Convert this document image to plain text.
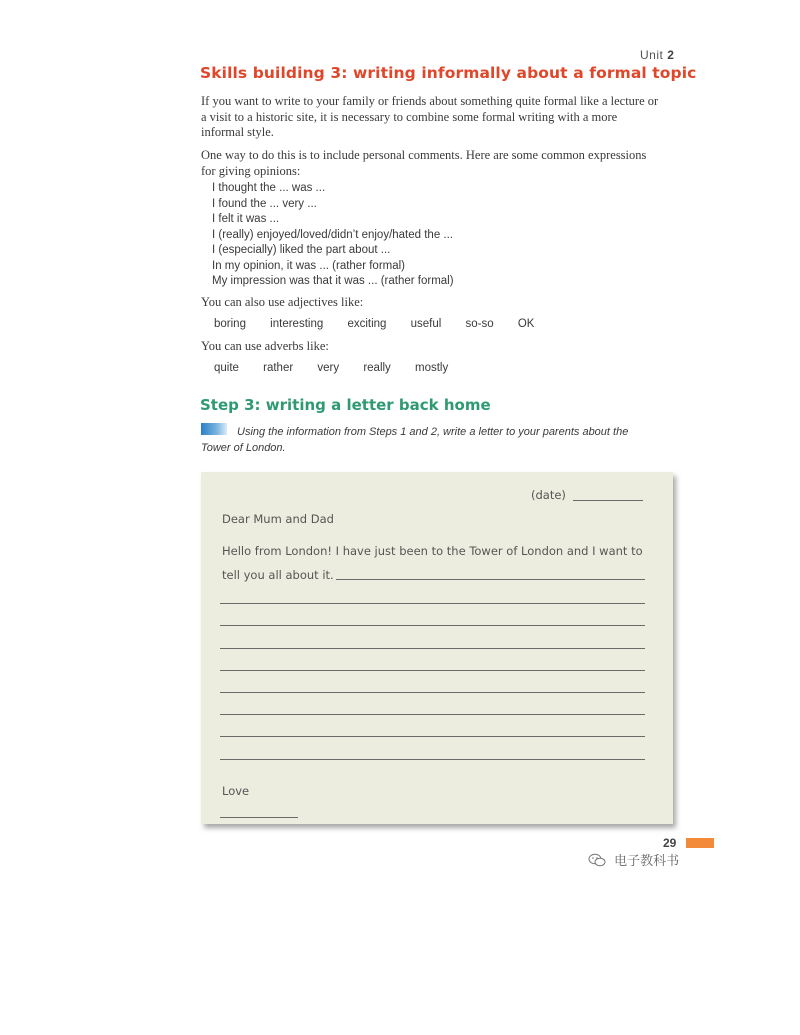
Unit 2
Skills building 3: writing informally about a formal topic
If you want to write to your family or friends about something quite formal like a lecture or a visit to a historic site, it is necessary to combine some formal writing with a more informal style.
One way to do this is to include personal comments. Here are some common expressions for giving opinions:
I thought the ... was ...
I found the ... very ...
I felt it was ...
I (really) enjoyed/loved/didn’t enjoy/hated the ...
I (especially) liked the part about ...
In my opinion, it was ... (rather formal)
My impression was that it was ... (rather formal)
You can also use adjectives like:
boring interesting exciting useful so-so OK
You can use adverbs like:
quite rather very really mostly
Step 3: writing a letter back home
Using the information from Steps 1 and 2, write a letter to your parents about the Tower of London.
(date)
Dear Mum and Dad
Hello from London! I have just been to the Tower of London and I want to
tell you all about it.
Love
29
电子教科书
